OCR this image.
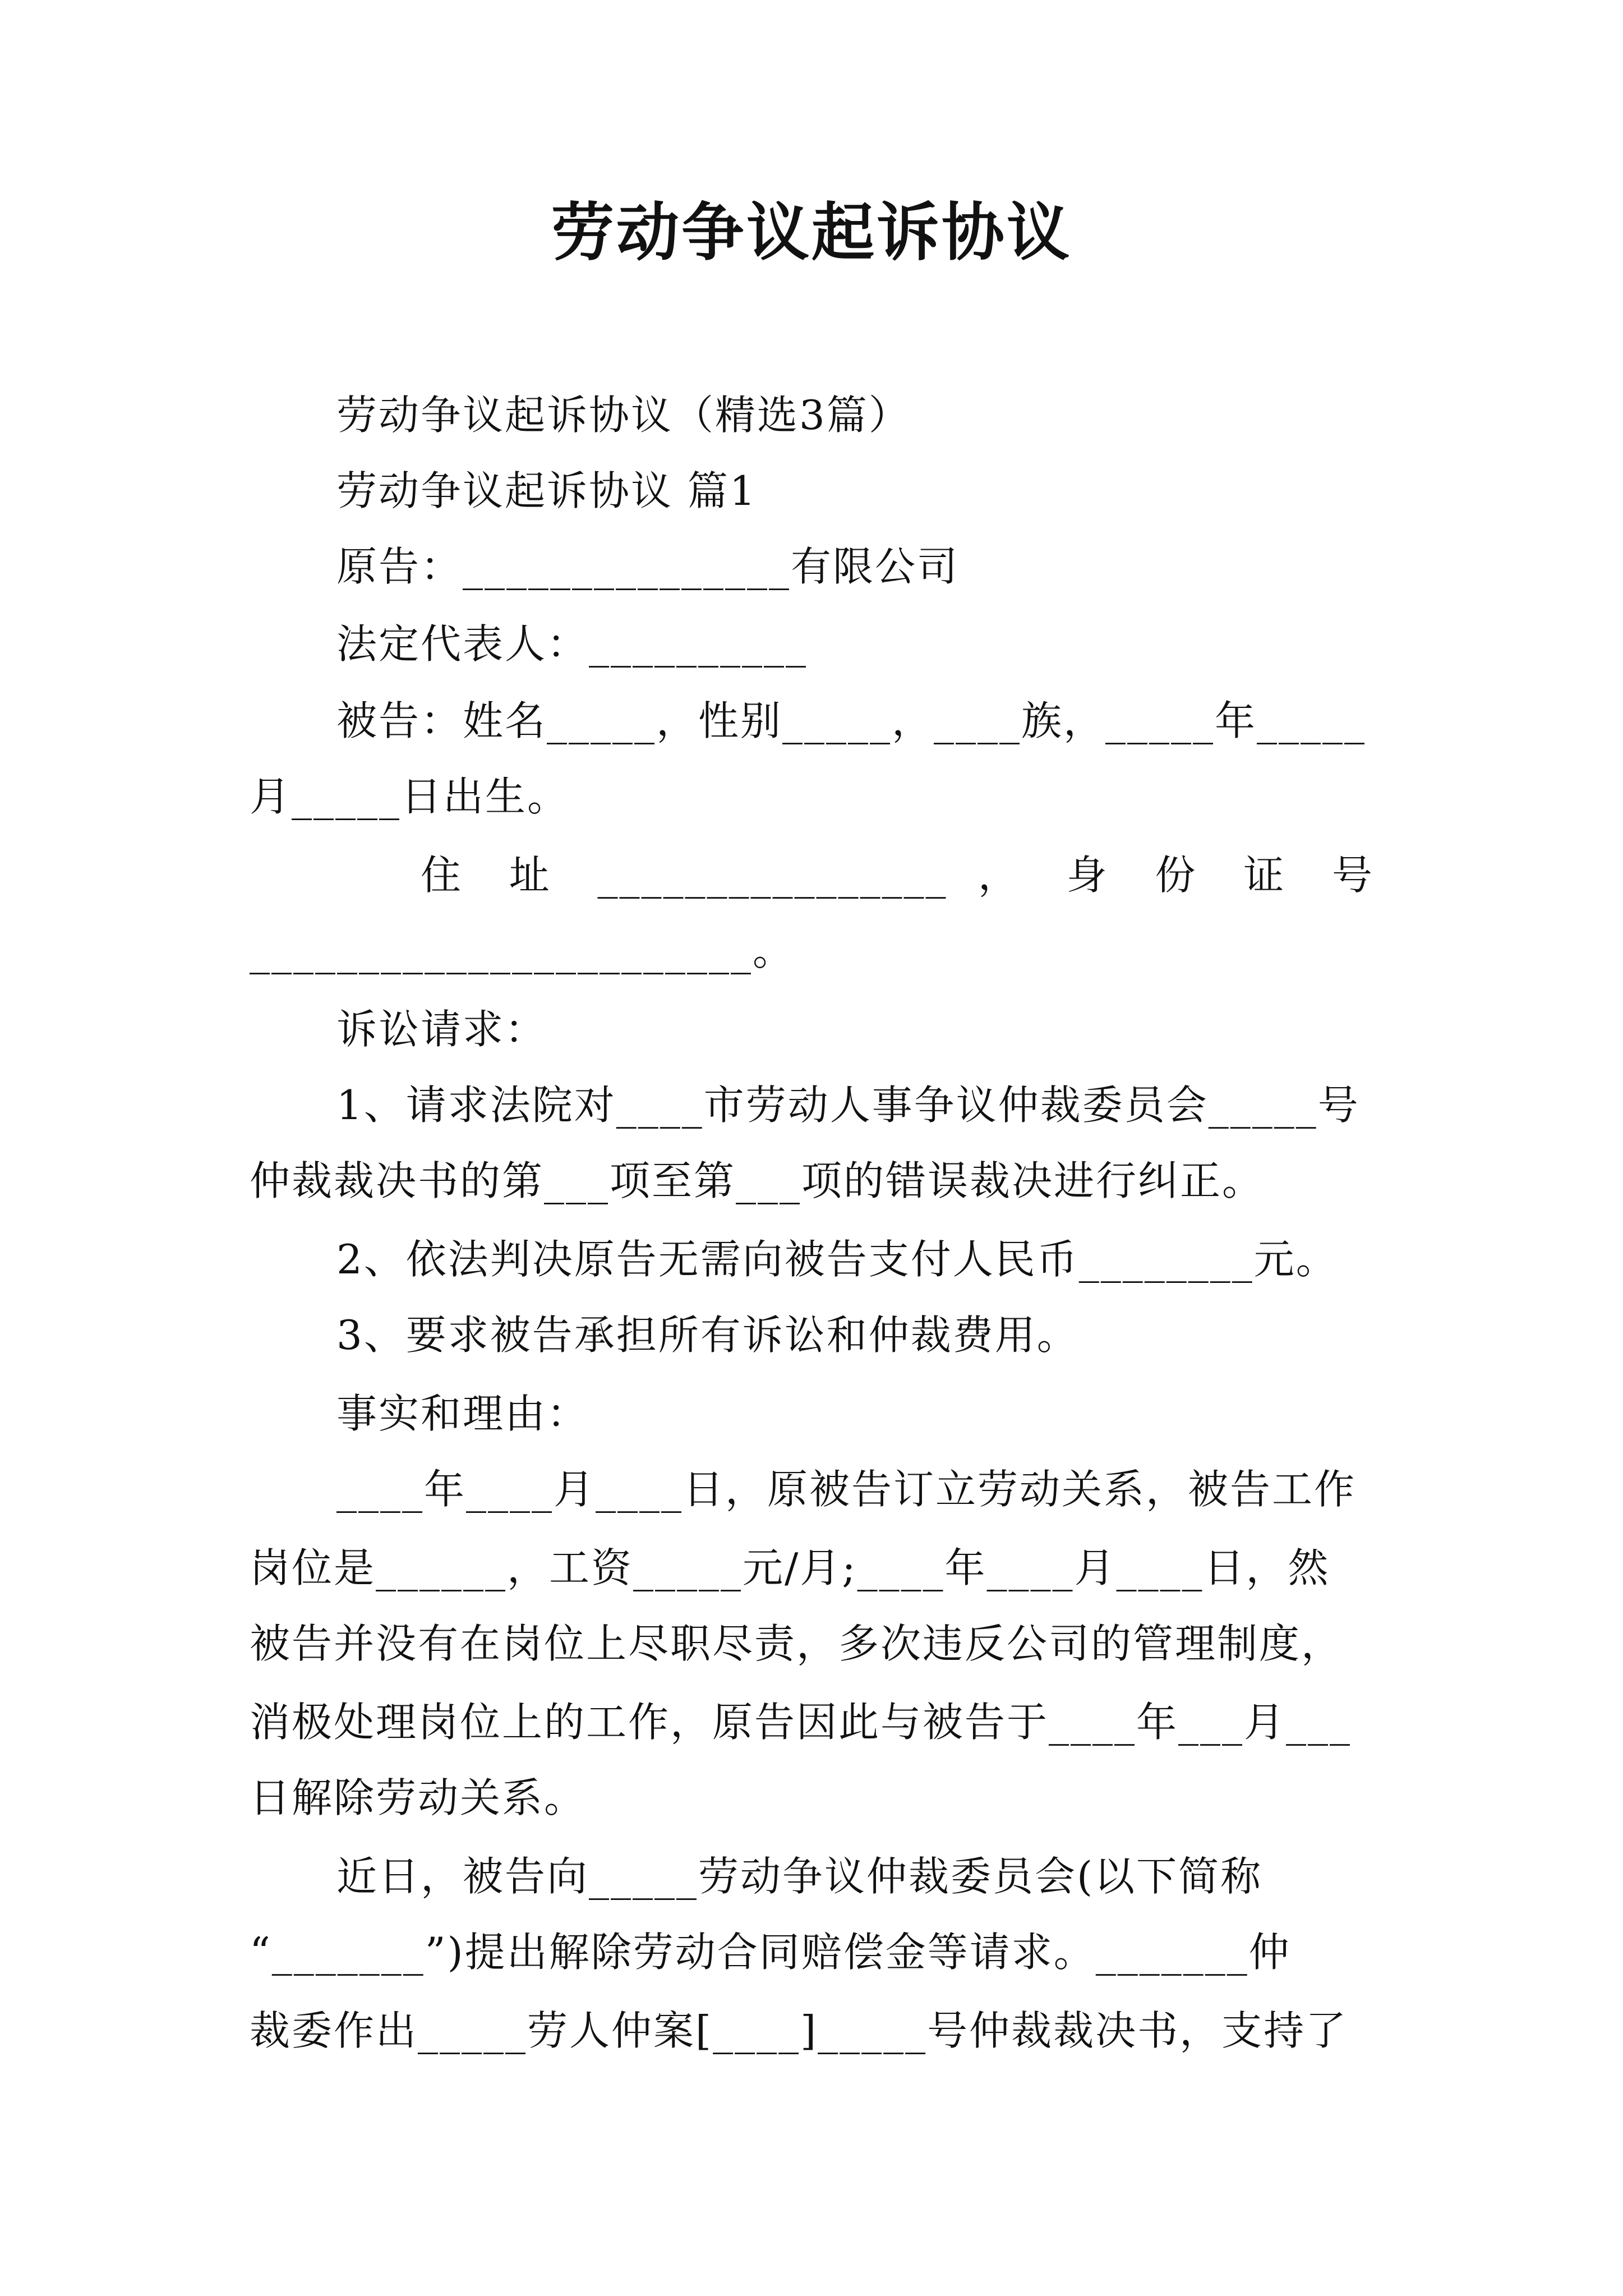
劳动争议起诉协议
劳动争议起诉协议（精选3篇）
劳动争议起诉协议 篇1
原告：_______________有限公司
法定代表人：__________
被告：姓名_____，性别_____，____族，_____年_____
月_____日出生。
住 址 ________________ ， 身 份 证 号
_______________________。
诉讼请求：
1、请求法院对____市劳动人事争议仲裁委员会_____号
仲裁裁决书的第___项至第___项的错误裁决进行纠正。
2、依法判决原告无需向被告支付人民币________元。
3、要求被告承担所有诉讼和仲裁费用。
事实和理由：
____年____月____日，原被告订立劳动关系，被告工作
岗位是______，工资_____元/月;____年____月____日，然
被告并没有在岗位上尽职尽责，多次违反公司的管理制度，
消极处理岗位上的工作，原告因此与被告于____年___月___
日解除劳动关系。
近日，被告向_____劳动争议仲裁委员会(以下简称
“_______”)提出解除劳动合同赔偿金等请求。_______仲
裁委作出_____劳人仲案[____]_____号仲裁裁决书，支持了
